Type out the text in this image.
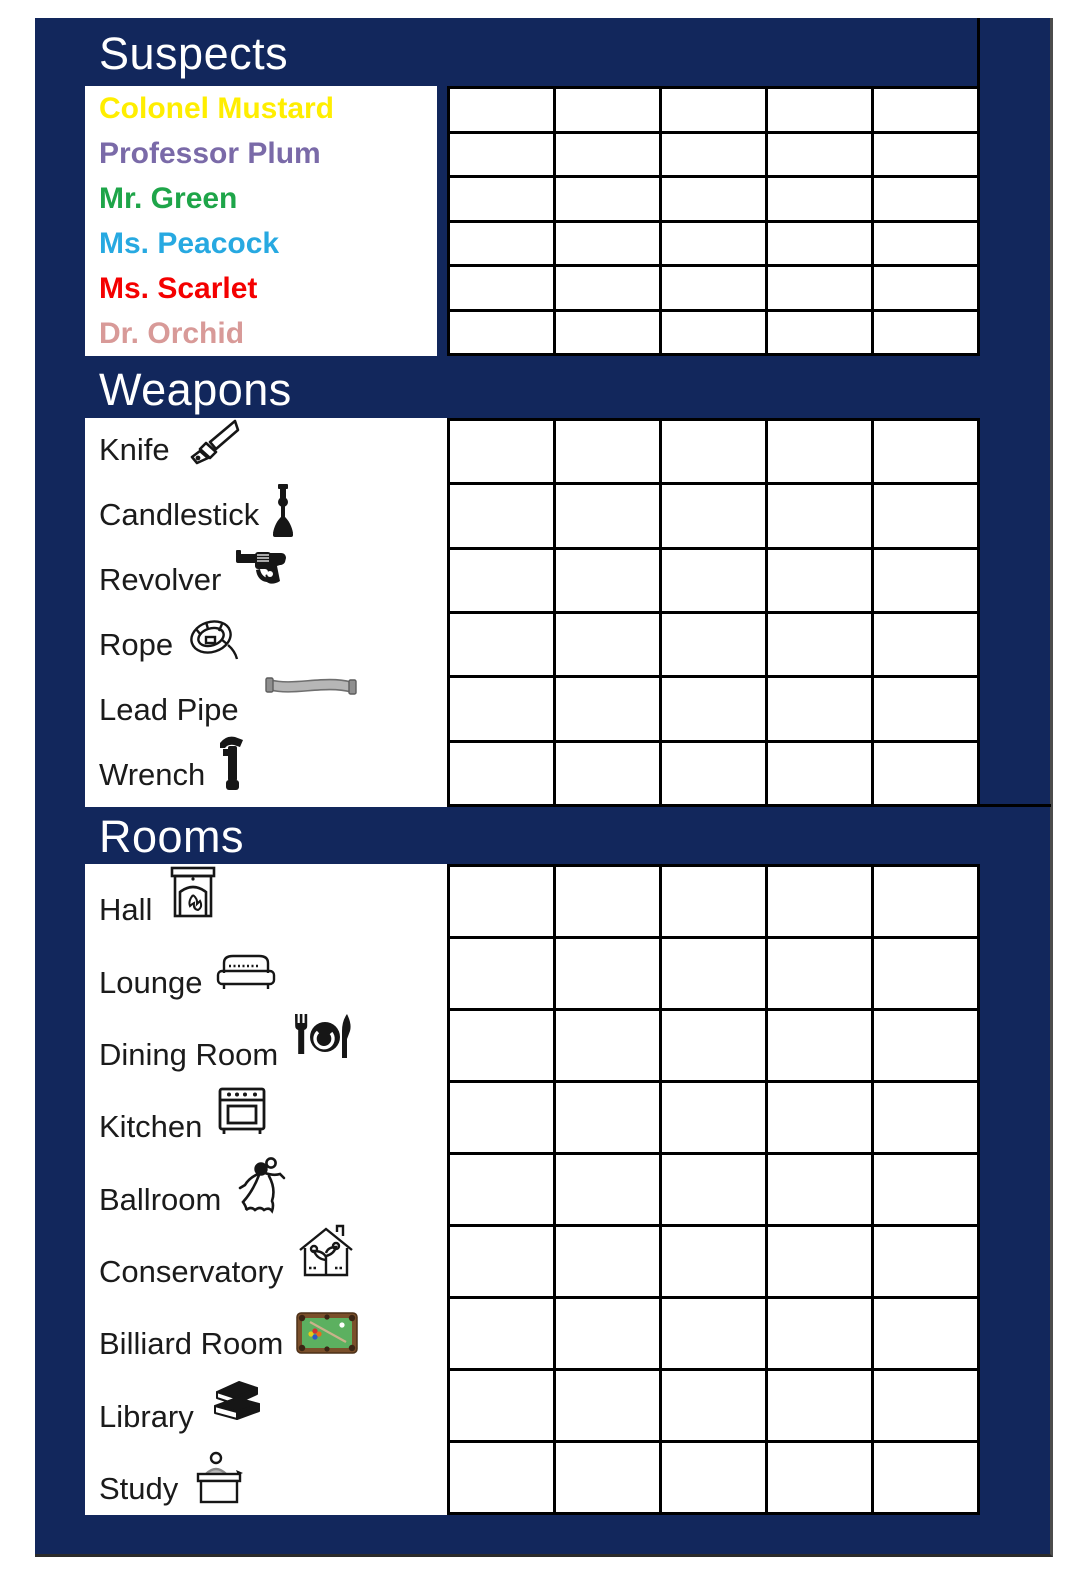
Suspects
Colonel Mustard
Professor Plum
Mr. Green
Ms. Peacock
Ms. Scarlet
Dr. Orchid
Weapons
Knife
Candlestick
Revolver
Rope
Lead Pipe
Wrench
Rooms
Hall
Lounge
Dining Room
Kitchen
Ballroom
Conservatory
Billiard Room
Library
Study
